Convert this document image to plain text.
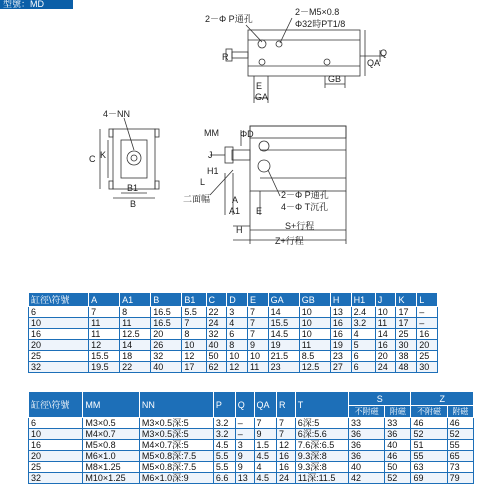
型號：MD
2－Φ P通孔
2－M5×0.8
Φ32時PT1/8
R
E
GA
GB
QA
Q
4－NN
C K
B1
B
MM ΦD
J
H1
L
二面幅 A
A1 E
2－Φ P通孔
4－Φ T沉孔
H	S+行程
Z+行程
缸徑\符號	A	A1	B	B1	C	D	E	GA	GB	H	H1	J	K	L
6	7	8	16.5	5.5	22	3	7	14	10	13	2.4	10	17	–
10	11	11	16.5	7	24	4	7	15.5	10	16	3.2	11	17	–
16	11	12.5	20	8	32	6	7	14.5	10	16	4	14	25	16
20	12	14	26	10	40	8	9	19	11	19	5	16	30	20
25	15.5	18	32	12	50	10	10	21.5	8.5	23	6	20	38	25
32	19.5	22	40	17	62	12	11	23	12.5	27	6	24	48	30
缸徑\符號	MM	NN	P	Q	QA	R	T	S		Z	
								不附磁	附磁	不附磁	附磁
6	M3×0.5	M3×0.5深:5	3.2	–	7	7	6深:5	33	33	46	46
10	M4×0.7	M3×0.5深:5	3.2	–	9	7	6深:5.6	36	36	52	52
16	M5×0.8	M4×0.7深:5	4.5	3	1.5	12	7.6深:6.5	36	40	51	55
20	M6×1.0	M5×0.8深:7.5	5.5	9	4.5	16	9.3深:8	36	46	55	65
25	M8×1.25	M5×0.8深:7.5	5.5	9	4	16	9.3深:8	40	50	63	73
32	M10×1.25	M6×1.0深:9	6.6	13	4.5	24	11深:11.5	42	52	69	79
